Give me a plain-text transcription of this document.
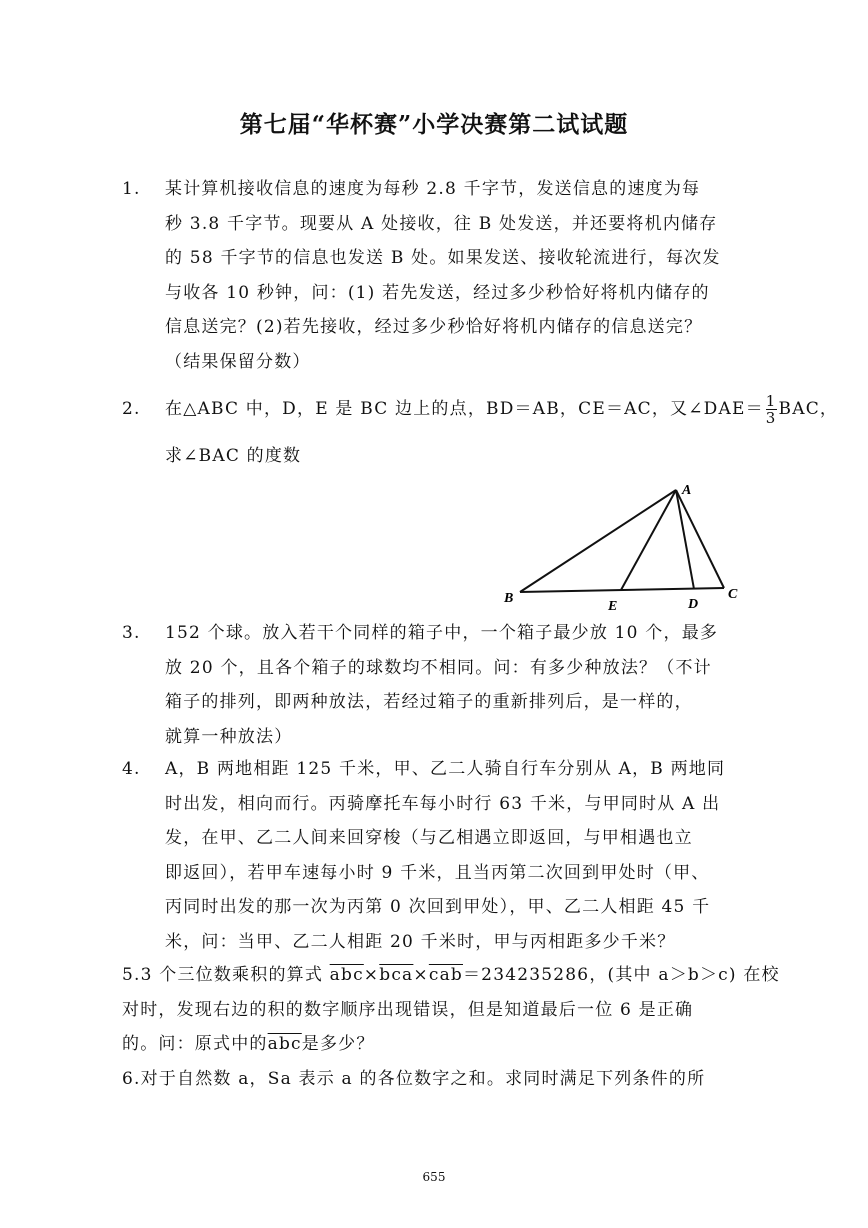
第七届“华杯赛”小学决赛第二试试题
1. 某计算机接收信息的速度为每秒 2.8 千字节，发送信息的速度为每
秒 3.8 千字节。现要从 A 处接收，往 B 处发送，并还要将机内储存
的 58 千字节的信息也发送 B 处。如果发送、接收轮流进行，每次发
与收各 10 秒钟，问：(1) 若先发送，经过多少秒恰好将机内储存的
信息送完？(2)若先接收，经过多少秒恰好将机内储存的信息送完？
（结果保留分数）
2. 在△ABC 中，D，E 是 BC 边上的点，BD＝AB，CE＝AC，又∠DAE＝ $\frac{1}{3}$ BAC，
求∠BAC 的度数
A
B	C
D
E
3. 152 个球。放入若干个同样的箱子中，一个箱子最少放 10 个，最多
放 20 个，且各个箱子的球数均不相同。问：有多少种放法？（不计
箱子的排列，即两种放法，若经过箱子的重新排列后，是一样的，
就算一种放法）
4. A，B 两地相距 125 千米，甲、乙二人骑自行车分别从 A，B 两地同
时出发，相向而行。丙骑摩托车每小时行 63 千米，与甲同时从 A 出
发，在甲、乙二人间来回穿梭（与乙相遇立即返回，与甲相遇也立
即返回），若甲车速每小时 9 千米，且当丙第二次回到甲处时（甲、
丙同时出发的那一次为丙第 0 次回到甲处），甲、乙二人相距 45 千
米，问：当甲、乙二人相距 20 千米时，甲与丙相距多少千米？
5.3 个三位数乘积的算式 $\overline{abc}\times\overline{bca}\times\overline{cab}=234235286$，(其中 a＞b＞c) 在校
对时，发现右边的积的数字顺序出现错误，但是知道最后一位 6 是正确
的。问：原式中的$\overline{abc}$是多少？
6.对于自然数 a，Sa 表示 a 的各位数字之和。求同时满足下列条件的所
655
